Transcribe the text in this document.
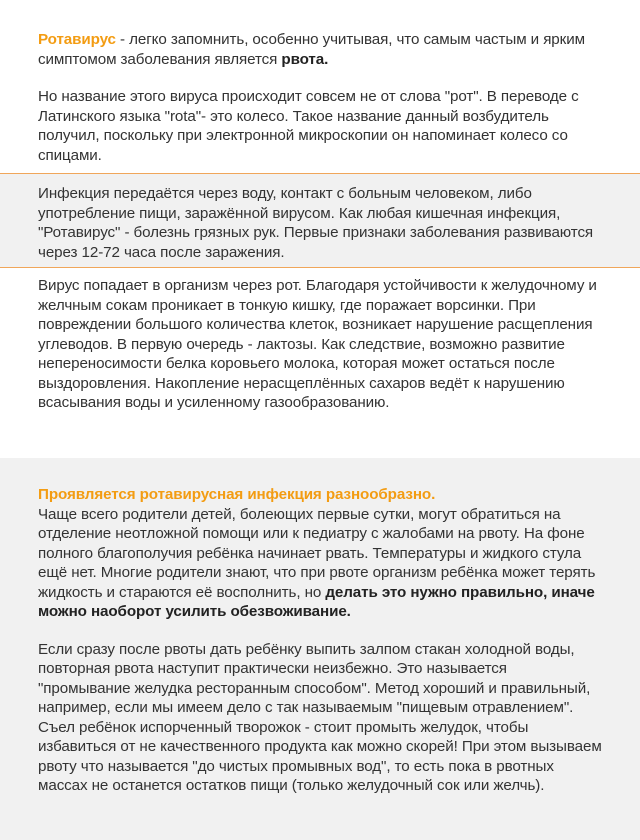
Ротавирус - легко запомнить, особенно учитывая, что самым частым и ярким симптомом заболевания является рвота.

Но название этого вируса происходит совсем не от слова "рот". В переводе с Латинского языка "rota"- это колесо. Такое название данный возбудитель получил, поскольку при электронной микроскопии он напоминает колесо со спицами.

Инфекция передаётся через воду, контакт с больным человеком, либо употребление пищи, заражённой вирусом. Как любая кишечная инфекция, "Ротавирус" - болезнь грязных рук. Первые признаки заболевания развиваются через 12-72 часа после заражения.

Вирус попадает в организм через рот. Благодаря устойчивости к желудочному и желчным сокам проникает в тонкую кишку, где поражает ворсинки. При повреждении большого количества клеток, возникает нарушение расщепления углеводов. В первую очередь - лактозы. Как следствие, возможно развитие непереносимости белка коровьего молока, которая может остаться после выздоровления. Накопление нерасщеплённых сахаров ведёт к нарушению всасывания воды и усиленному газообразованию.

Проявляется ротавирусная инфекция разнообразно.

Чаще всего родители детей, болеющих первые сутки, могут обратиться на отделение неотложной помощи или к педиатру с жалобами на рвоту. На фоне полного благополучия ребёнка начинает рвать. Температуры и жидкого стула ещё нет. Многие родители знают, что при рвоте организм ребёнка может терять жидкость и стараются её восполнить, но делать это нужно правильно, иначе можно наоборот усилить обезвоживание.

Если сразу после рвоты дать ребёнку выпить залпом стакан холодной воды, повторная рвота наступит практически неизбежно. Это называется "промывание желудка ресторанным способом". Метод хороший и правильный, например, если мы имеем дело с так называемым "пищевым отравлением". Съел ребёнок испорченный творожок - стоит промыть желудок, чтобы избавиться от не качественного продукта как можно скорей! При этом вызываем рвоту что называется "до чистых промывных вод", то есть пока в рвотных массах не останется остатков пищи (только желудочный сок или желчь).
